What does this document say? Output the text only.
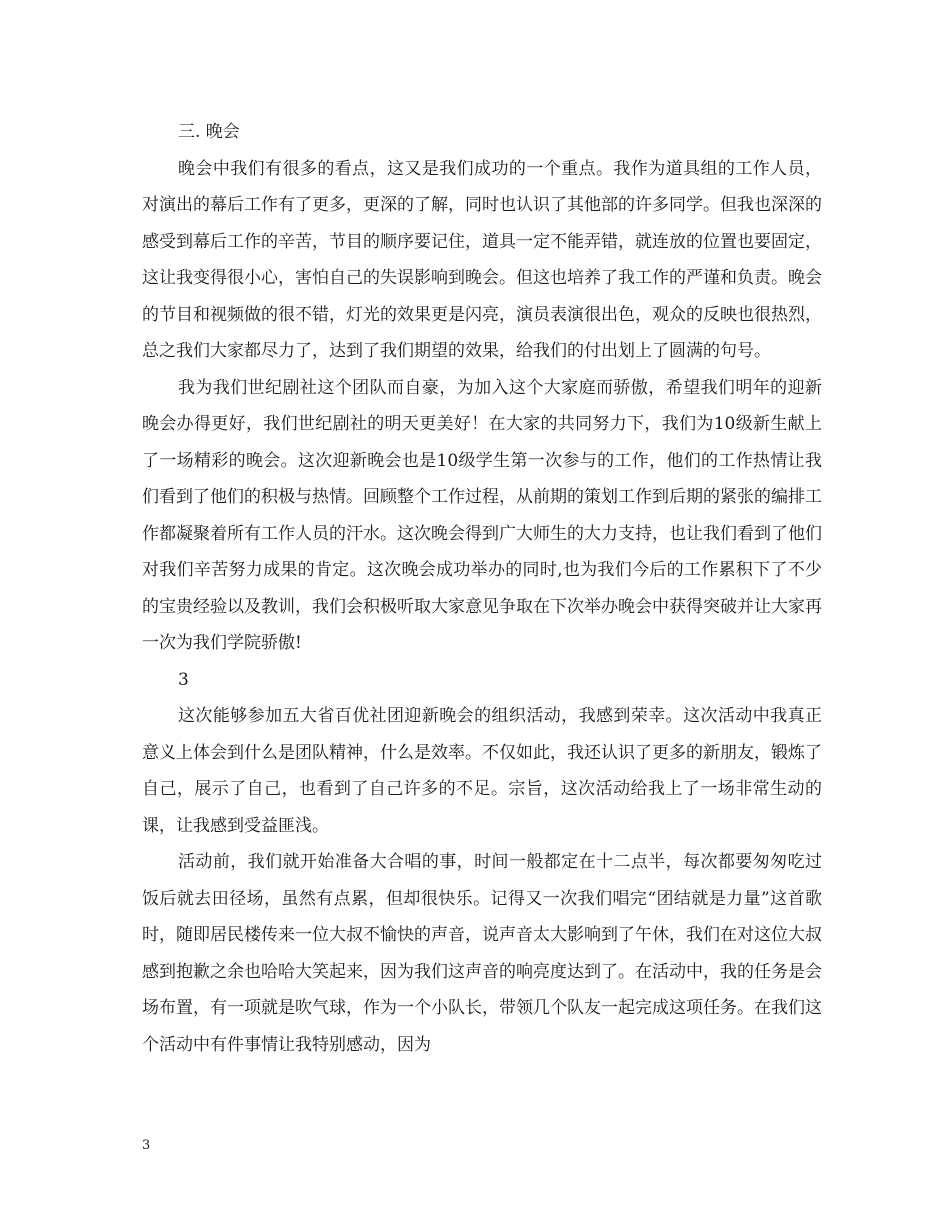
三. 晚会

晚会中我们有很多的看点，这又是我们成功的一个重点。我作为道具组的工作人员，对演出的幕后工作有了更多，更深的了解，同时也认识了其他部的许多同学。但我也深深的感受到幕后工作的辛苦，节目的顺序要记住，道具一定不能弄错，就连放的位置也要固定，这让我变得很小心，害怕自己的失误影响到晚会。但这也培养了我工作的严谨和负责。晚会的节目和视频做的很不错，灯光的效果更是闪亮，演员表演很出色，观众的反映也很热烈，总之我们大家都尽力了，达到了我们期望的效果，给我们的付出划上了圆满的句号。

我为我们世纪剧社这个团队而自豪，为加入这个大家庭而骄傲，希望我们明年的迎新晚会办得更好，我们世纪剧社的明天更美好！在大家的共同努力下，我们为10级新生献上了一场精彩的晚会。这次迎新晚会也是10级学生第一次参与的工作，他们的工作热情让我们看到了他们的积极与热情。回顾整个工作过程，从前期的策划工作到后期的紧张的编排工作都凝聚着所有工作人员的汗水。这次晚会得到广大师生的大力支持，也让我们看到了他们对我们辛苦努力成果的肯定。这次晚会成功举办的同时,也为我们今后的工作累积下了不少的宝贵经验以及教训，我们会积极听取大家意见争取在下次举办晚会中获得突破并让大家再一次为我们学院骄傲!

3

这次能够参加五大省百优社团迎新晚会的组织活动，我感到荣幸。这次活动中我真正意义上体会到什么是团队精神，什么是效率。不仅如此，我还认识了更多的新朋友，锻炼了自己，展示了自己，也看到了自己许多的不足。宗旨，这次活动给我上了一场非常生动的课，让我感到受益匪浅。

活动前，我们就开始准备大合唱的事，时间一般都定在十二点半，每次都要匆匆吃过饭后就去田径场，虽然有点累，但却很快乐。记得又一次我们唱完“团结就是力量”这首歌时，随即居民楼传来一位大叔不愉快的声音，说声音太大影响到了午休，我们在对这位大叔感到抱歉之余也哈哈大笑起来，因为我们这声音的响亮度达到了。在活动中，我的任务是会场布置，有一项就是吹气球，作为一个小队长，带领几个队友一起完成这项任务。在我们这个活动中有件事情让我特别感动，因为

3
